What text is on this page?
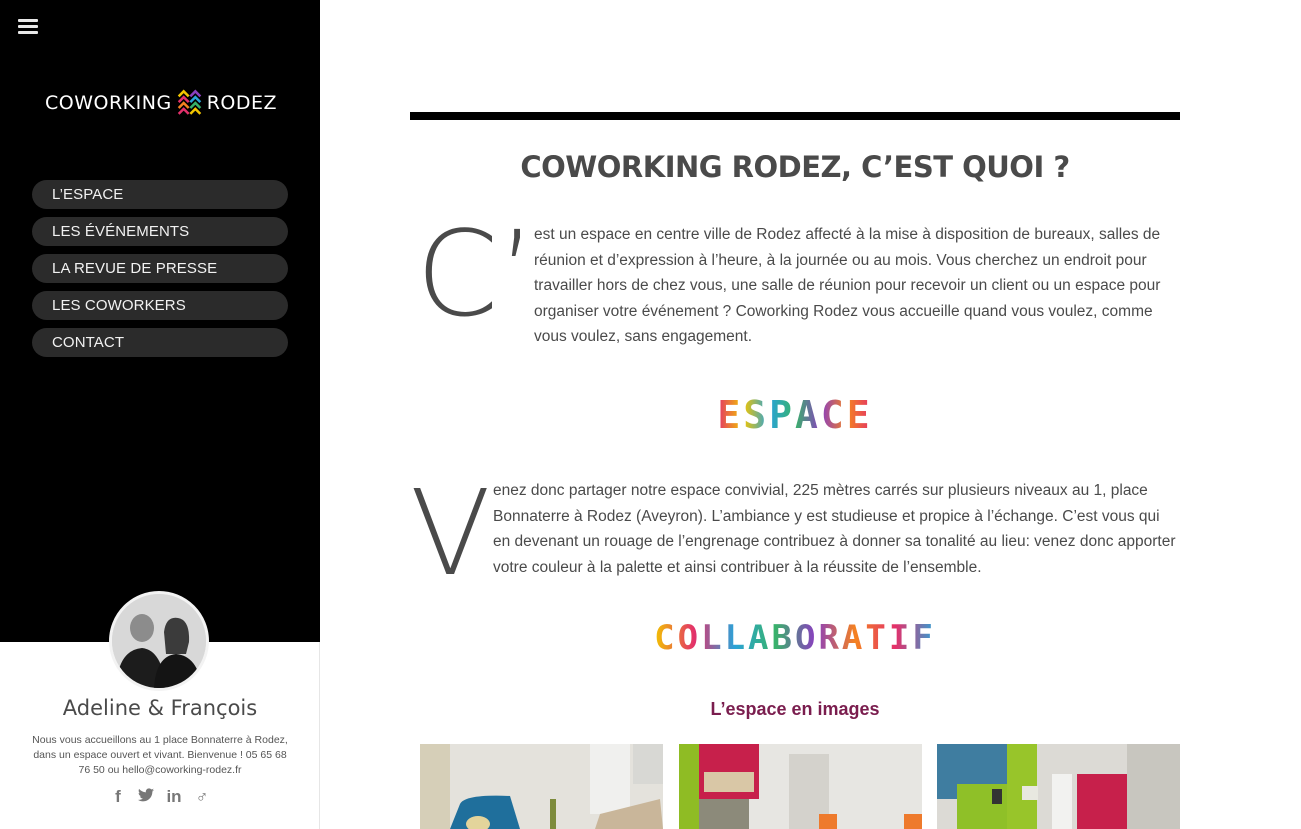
COWORKING RODEZ
L’ESPACE
LES ÉVÉNEMENTS
LA REVUE DE PRESSE
LES COWORKERS
CONTACT
Adeline & François

Nous vous accueillons au 1 place Bonnaterre à Rodez, dans un espace ouvert et vivant. Bienvenue ! 05 65 68 76 50 ou hello@coworking-rodez.fr

f	in ♂
COWORKING RODEZ, C’EST QUOI ?
C’

est un espace en centre ville de Rodez affecté à la mise à disposition de bureaux, salles de réunion et d’expression à l’heure, à la journée ou au mois. Vous cherchez un endroit pour travailler hors de chez vous, une salle de réunion pour recevoir un client ou un espace pour organiser votre événement ? Coworking Rodez vous accueille quand vous voulez, comme vous voulez, sans engagement.

ESPACE
V enez donc partager notre espace convivial, 225 mètres carrés sur plusieurs niveaux au 1, place Bonnaterre à Rodez (Aveyron). L’ambiance y est studieuse et propice à l’échange. C’est vous qui en devenant un rouage de l’engrenage contribuez à donner sa tonalité au lieu: venez donc apporter votre couleur à la palette et ainsi contribuer à la réussite de l’ensemble.

COLLABORATIF
L’espace en images
